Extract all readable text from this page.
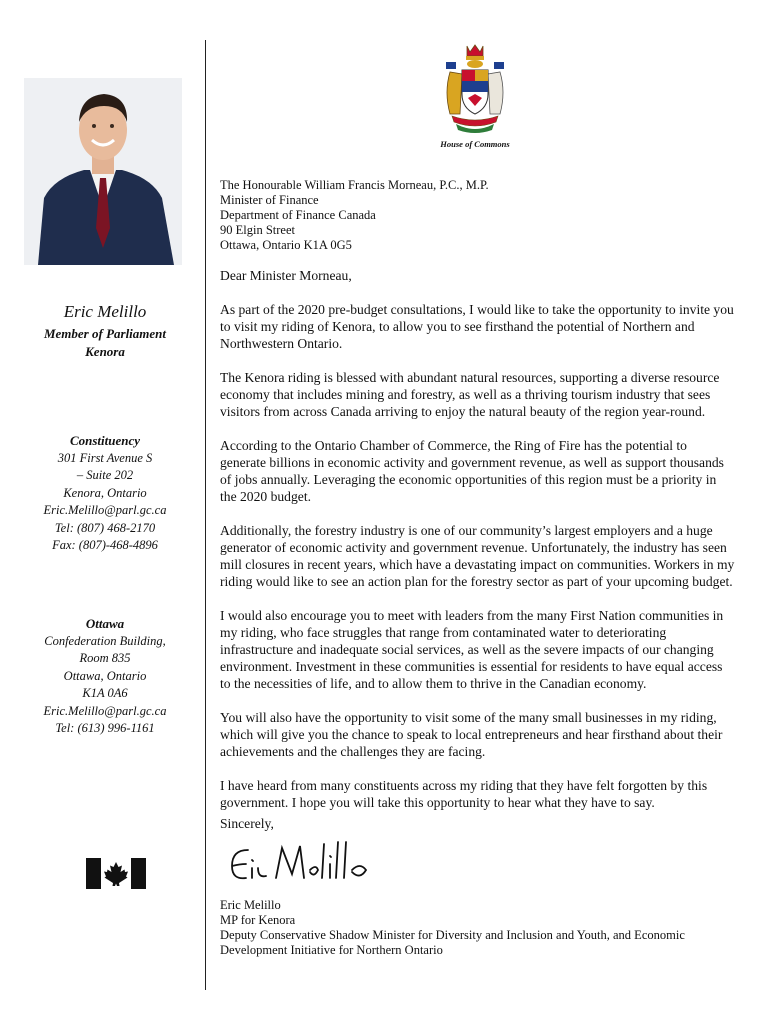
Eric Melillo
Member of Parliament
Kenora
Constituency
301 First Avenue S
– Suite 202
Kenora, Ontario
Eric.Melillo@parl.gc.ca
Tel: (807) 468-2170
Fax: (807)-468-4896
Ottawa
Confederation Building,
Room 835
Ottawa, Ontario
K1A 0A6
Eric.Melillo@parl.gc.ca
Tel: (613) 996-1161
House of Commons
The Honourable William Francis Morneau, P.C., M.P.
Minister of Finance
Department of Finance Canada
90 Elgin Street
Ottawa, Ontario K1A 0G5
Dear Minister Morneau,

As part of the 2020 pre-budget consultations, I would like to take the opportunity to invite you to visit my riding of Kenora, to allow you to see firsthand the potential of Northern and Northwestern Ontario.

The Kenora riding is blessed with abundant natural resources, supporting a diverse resource economy that includes mining and forestry, as well as a thriving tourism industry that sees visitors from across Canada arriving to enjoy the natural beauty of the region year-round.

According to the Ontario Chamber of Commerce, the Ring of Fire has the potential to generate billions in economic activity and government revenue, as well as support thousands of jobs annually. Leveraging the economic opportunities of this region must be a priority in the 2020 budget.

Additionally, the forestry industry is one of our community’s largest employers and a huge generator of economic activity and government revenue. Unfortunately, the industry has seen mill closures in recent years, which have a devastating impact on communities. Workers in my riding would like to see an action plan for the forestry sector as part of your upcoming budget.

I would also encourage you to meet with leaders from the many First Nation communities in my riding, who face struggles that range from contaminated water to deteriorating infrastructure and inadequate social services, as well as the severe impacts of our changing environment. Investment in these communities is essential for residents to have equal access to the necessities of life, and to allow them to thrive in the Canadian economy.

You will also have the opportunity to visit some of the many small businesses in my riding, which will give you the chance to speak to local entrepreneurs and hear firsthand about their achievements and the challenges they are facing.

I have heard from many constituents across my riding that they have felt forgotten by this government. I hope you will take this opportunity to hear what they have to say.

Sincerely,
Eric Melillo
MP for Kenora
Deputy Conservative Shadow Minister for Diversity and Inclusion and Youth, and Economic Development Initiative for Northern Ontario
